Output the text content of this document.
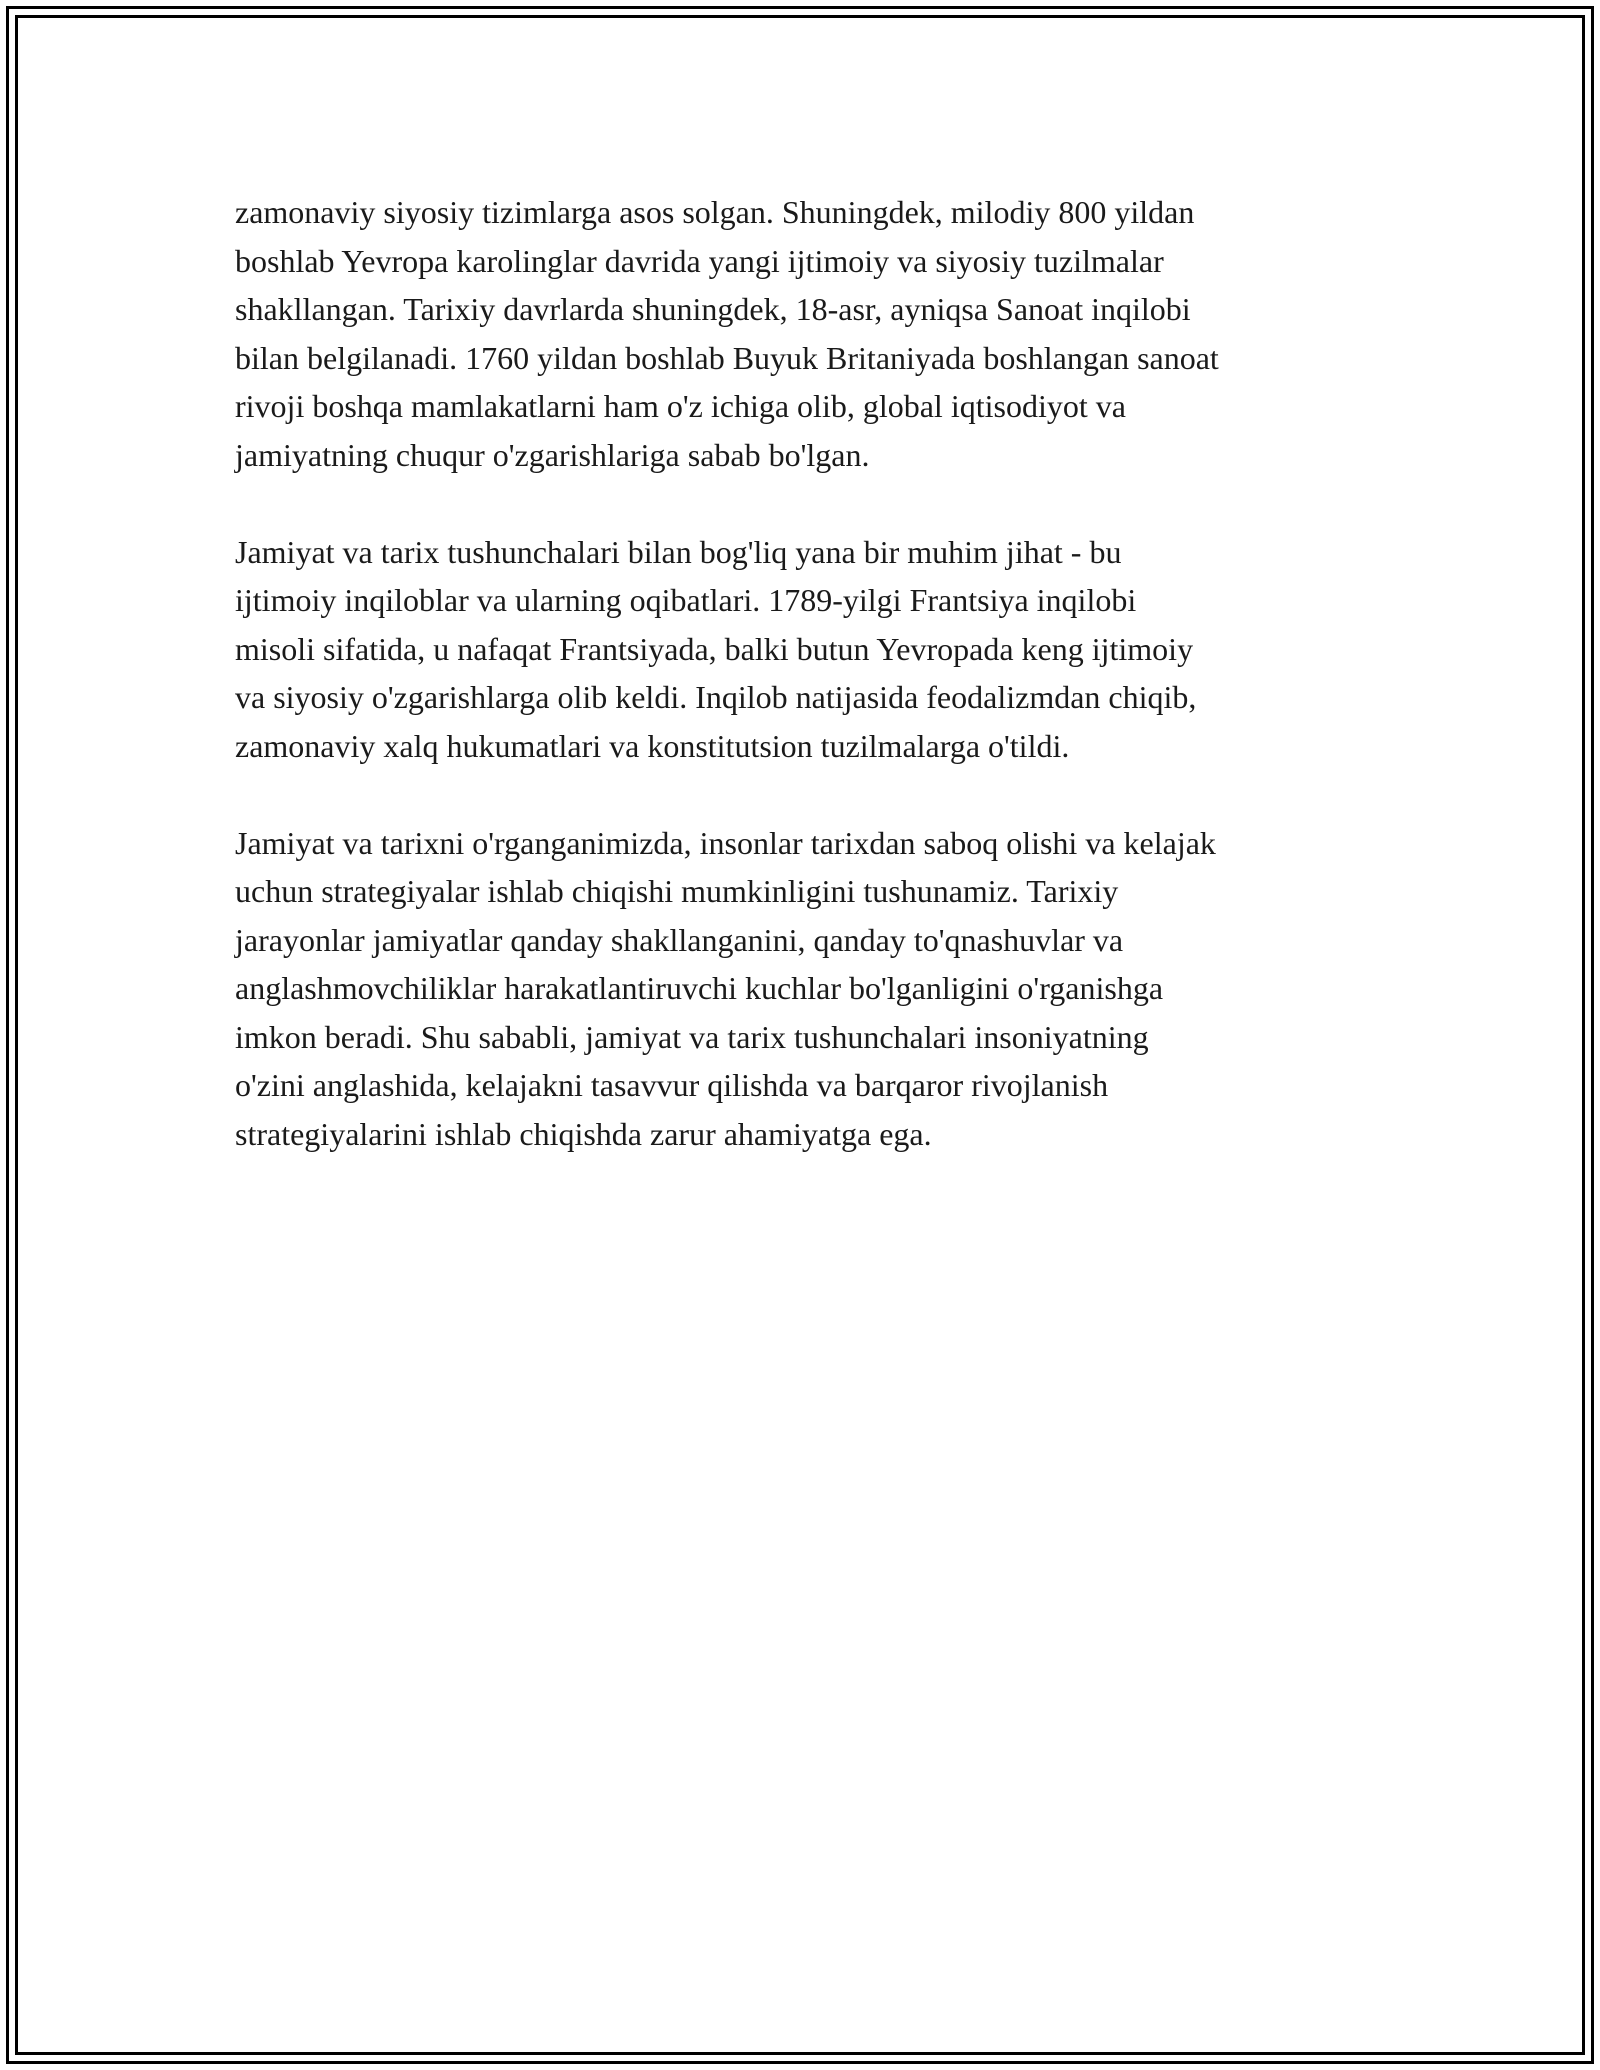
zamonaviy siyosiy tizimlarga asos solgan. Shuningdek, milodiy 800 yildan
boshlab Yevropa karolinglar davrida yangi ijtimoiy va siyosiy tuzilmalar
shakllangan. Tarixiy davrlarda shuningdek, 18-asr, ayniqsa Sanoat inqilobi
bilan belgilanadi. 1760 yildan boshlab Buyuk Britaniyada boshlangan sanoat
rivoji boshqa mamlakatlarni ham o'z ichiga olib, global iqtisodiyot va
jamiyatning chuqur o'zgarishlariga sabab bo'lgan.

Jamiyat va tarix tushunchalari bilan bog'liq yana bir muhim jihat - bu
ijtimoiy inqiloblar va ularning oqibatlari. 1789-yilgi Frantsiya inqilobi
misoli sifatida, u nafaqat Frantsiyada, balki butun Yevropada keng ijtimoiy
va siyosiy o'zgarishlarga olib keldi. Inqilob natijasida feodalizmdan chiqib,
zamonaviy xalq hukumatlari va konstitutsion tuzilmalarga o'tildi.

Jamiyat va tarixni o'rganganimizda, insonlar tarixdan saboq olishi va kelajak
uchun strategiyalar ishlab chiqishi mumkinligini tushunamiz. Tarixiy
jarayonlar jamiyatlar qanday shakllanganini, qanday to'qnashuvlar va
anglashmovchiliklar harakatlantiruvchi kuchlar bo'lganligini o'rganishga
imkon beradi. Shu sababli, jamiyat va tarix tushunchalari insoniyatning
o'zini anglashida, kelajakni tasavvur qilishda va barqaror rivojlanish
strategiyalarini ishlab chiqishda zarur ahamiyatga ega.
